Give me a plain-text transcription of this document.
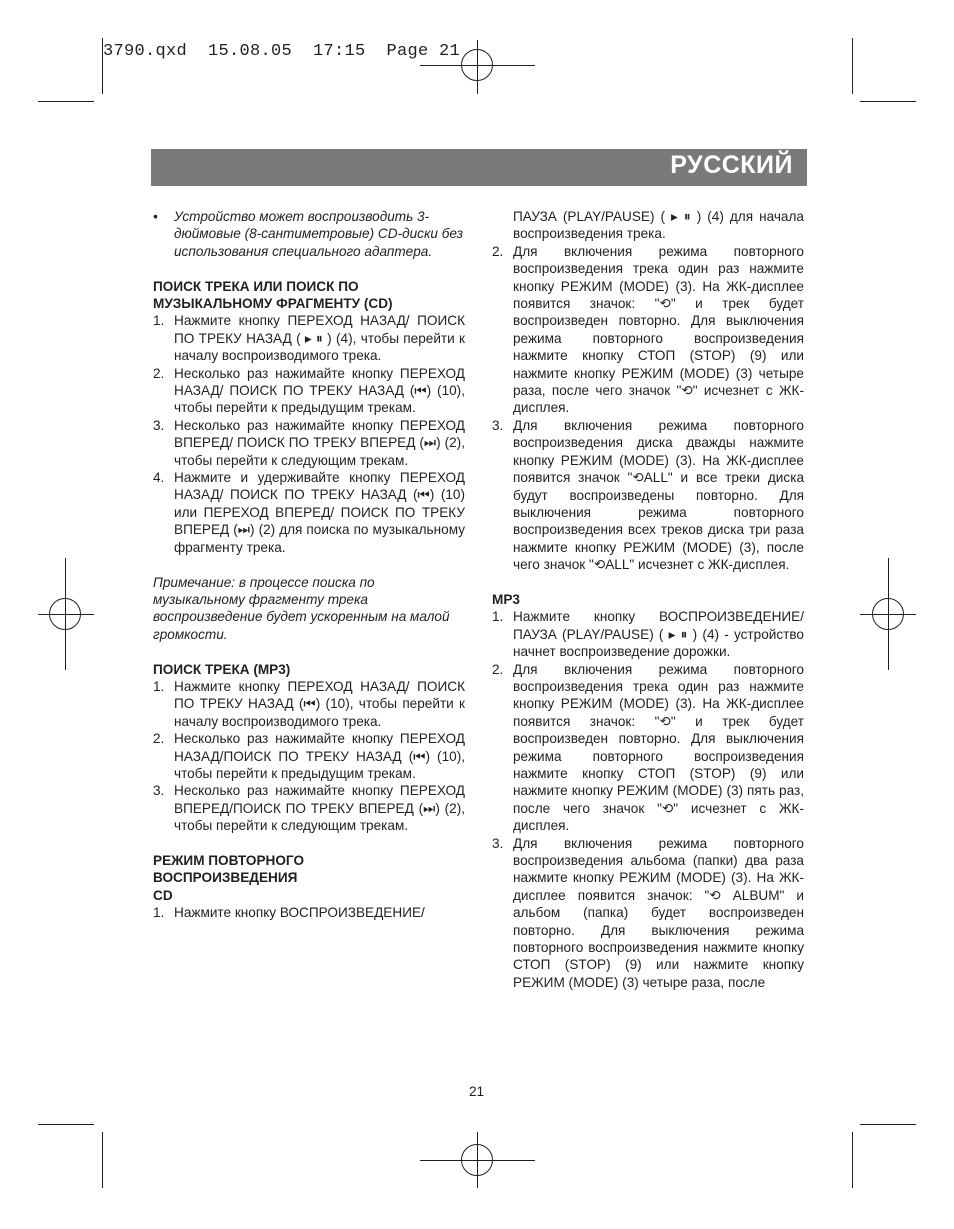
3790.qxd  15.08.05  17:15  Page 21
РУССКИЙ

• Устройство может воспроизводить 3-дюймовые (8-сантиметровые) CD-диски без использования специального адаптера.

ПОИСК ТРЕКА ИЛИ ПОИСК ПО МУЗЫКАЛЬНОМУ ФРАГМЕНТУ (CD)

1. Нажмите кнопку ПЕРЕХОД НАЗАД/ ПОИСК ПО ТРЕКУ НАЗАД ( ▸ ⏸ ) (4), чтобы перейти к началу воспроизводимого трека.
2. Несколько раз нажимайте кнопку ПЕРЕХОД НАЗАД/ ПОИСК ПО ТРЕКУ НАЗАД (⏮) (10), чтобы перейти к предыдущим трекам.
3. Несколько раз нажимайте кнопку ПЕРЕХОД ВПЕРЕД/ ПОИСК ПО ТРЕКУ ВПЕРЕД (⏭) (2), чтобы перейти к следующим трекам.
4. Нажмите и удерживайте кнопку ПЕРЕХОД НАЗАД/ ПОИСК ПО ТРЕКУ НАЗАД (⏮) (10) или ПЕРЕХОД ВПЕРЕД/ ПОИСК ПО ТРЕКУ ВПЕРЕД (⏭) (2) для поиска по музыкальному фрагменту трека.

Примечание: в процессе поиска по музыкальному фрагменту трека воспроизведение будет ускоренным на малой громкости.

ПОИСК ТРЕКА (MP3)

1. Нажмите кнопку ПЕРЕХОД НАЗАД/ ПОИСК ПО ТРЕКУ НАЗАД (⏮) (10), чтобы перейти к началу воспроизводимого трека.
2. Несколько раз нажимайте кнопку ПЕРЕХОД НАЗАД/ПОИСК ПО ТРЕКУ НАЗАД (⏮) (10), чтобы перейти к предыдущим трекам.
3. Несколько раз нажимайте кнопку ПЕРЕХОД ВПЕРЕД/ПОИСК ПО ТРЕКУ ВПЕРЕД (⏭) (2), чтобы перейти к следующим трекам.

РЕЖИМ ПОВТОРНОГО

ВОСПРОИЗВЕДЕНИЯ

CD

1. Нажмите кнопку ВОСПРОИЗВЕДЕНИЕ/
ПАУЗА (PLAY/PAUSE) ( ▸ ⏸ ) (4) для начала воспроизведения трека.
2. Для включения режима повторного воспроизведения трека один раз нажмите кнопку РЕЖИМ (MODE) (3). На ЖК-дисплее появится значок: "⟲" и трек будет воспроизведен повторно. Для выключения режима повторного воспроизведения нажмите кнопку СТОП (STOP) (9) или нажмите кнопку РЕЖИМ (MODE) (3) четыре раза, после чего значок "⟲" исчезнет с ЖК-дисплея.
3. Для включения режима повторного воспроизведения диска дважды нажмите кнопку РЕЖИМ (MODE) (3). На ЖК-дисплее появится значок "⟲ALL" и все треки диска будут воспроизведены повторно. Для выключения режима повторного воспроизведения всех треков диска три раза нажмите кнопку РЕЖИМ (MODE) (3), после чего значок "⟲ALL" исчезнет с ЖК-дисплея.

MP3

1. Нажмите кнопку ВОСПРОИЗВЕДЕНИЕ/ ПАУЗА (PLAY/PAUSE) ( ▸ ⏸ ) (4) - устройство начнет воспроизведение дорожки.
2. Для включения режима повторного воспроизведения трека один раз нажмите кнопку РЕЖИМ (MODE) (3). На ЖК-дисплее появится значок: "⟲" и трек будет воспроизведен повторно. Для выключения режима повторного воспроизведения нажмите кнопку СТОП (STOP) (9) или нажмите кнопку РЕЖИМ (MODE) (3) пять раз, после чего значок "⟲" исчезнет с ЖК-дисплея.
3. Для включения режима повторного воспроизведения альбома (папки) два раза нажмите кнопку РЕЖИМ (MODE) (3). На ЖК-дисплее появится значок: "⟲ ALBUM" и альбом (папка) будет воспроизведен повторно. Для выключения режима повторного воспроизведения нажмите кнопку СТОП (STOP) (9) или нажмите кнопку РЕЖИМ (MODE) (3) четыре раза, после
21
